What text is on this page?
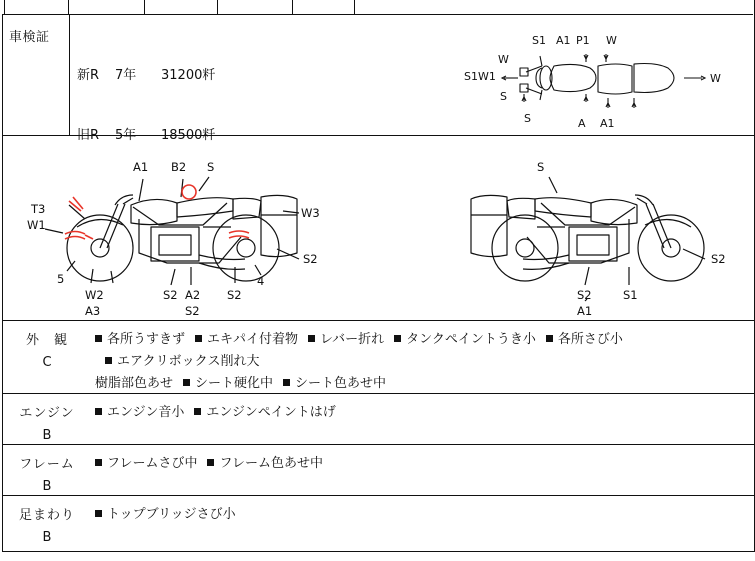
車検証

新R 7年 31200粁

旧R 5年 18500粁

S1 A1 P1 W
W
S1W1
S
S	A A1
W
A1 B2 S
T3
W1
W3
S2
5
W2
A3
S2 A2
S2
S2
4
S
S2
S2
A1
S1
外　観
C
各所うすきず エキパイ付着物 レバー折れ タンクペイントうき小 各所さび小エアクリボックス削れ大
樹脂部色あせ シート硬化中 シート色あせ中
エンジン
B
エンジン音小 エンジンペイントはげ
フレーム
B
フレームさび中 フレーム色あせ中
足まわり
B
トップブリッジさび小
